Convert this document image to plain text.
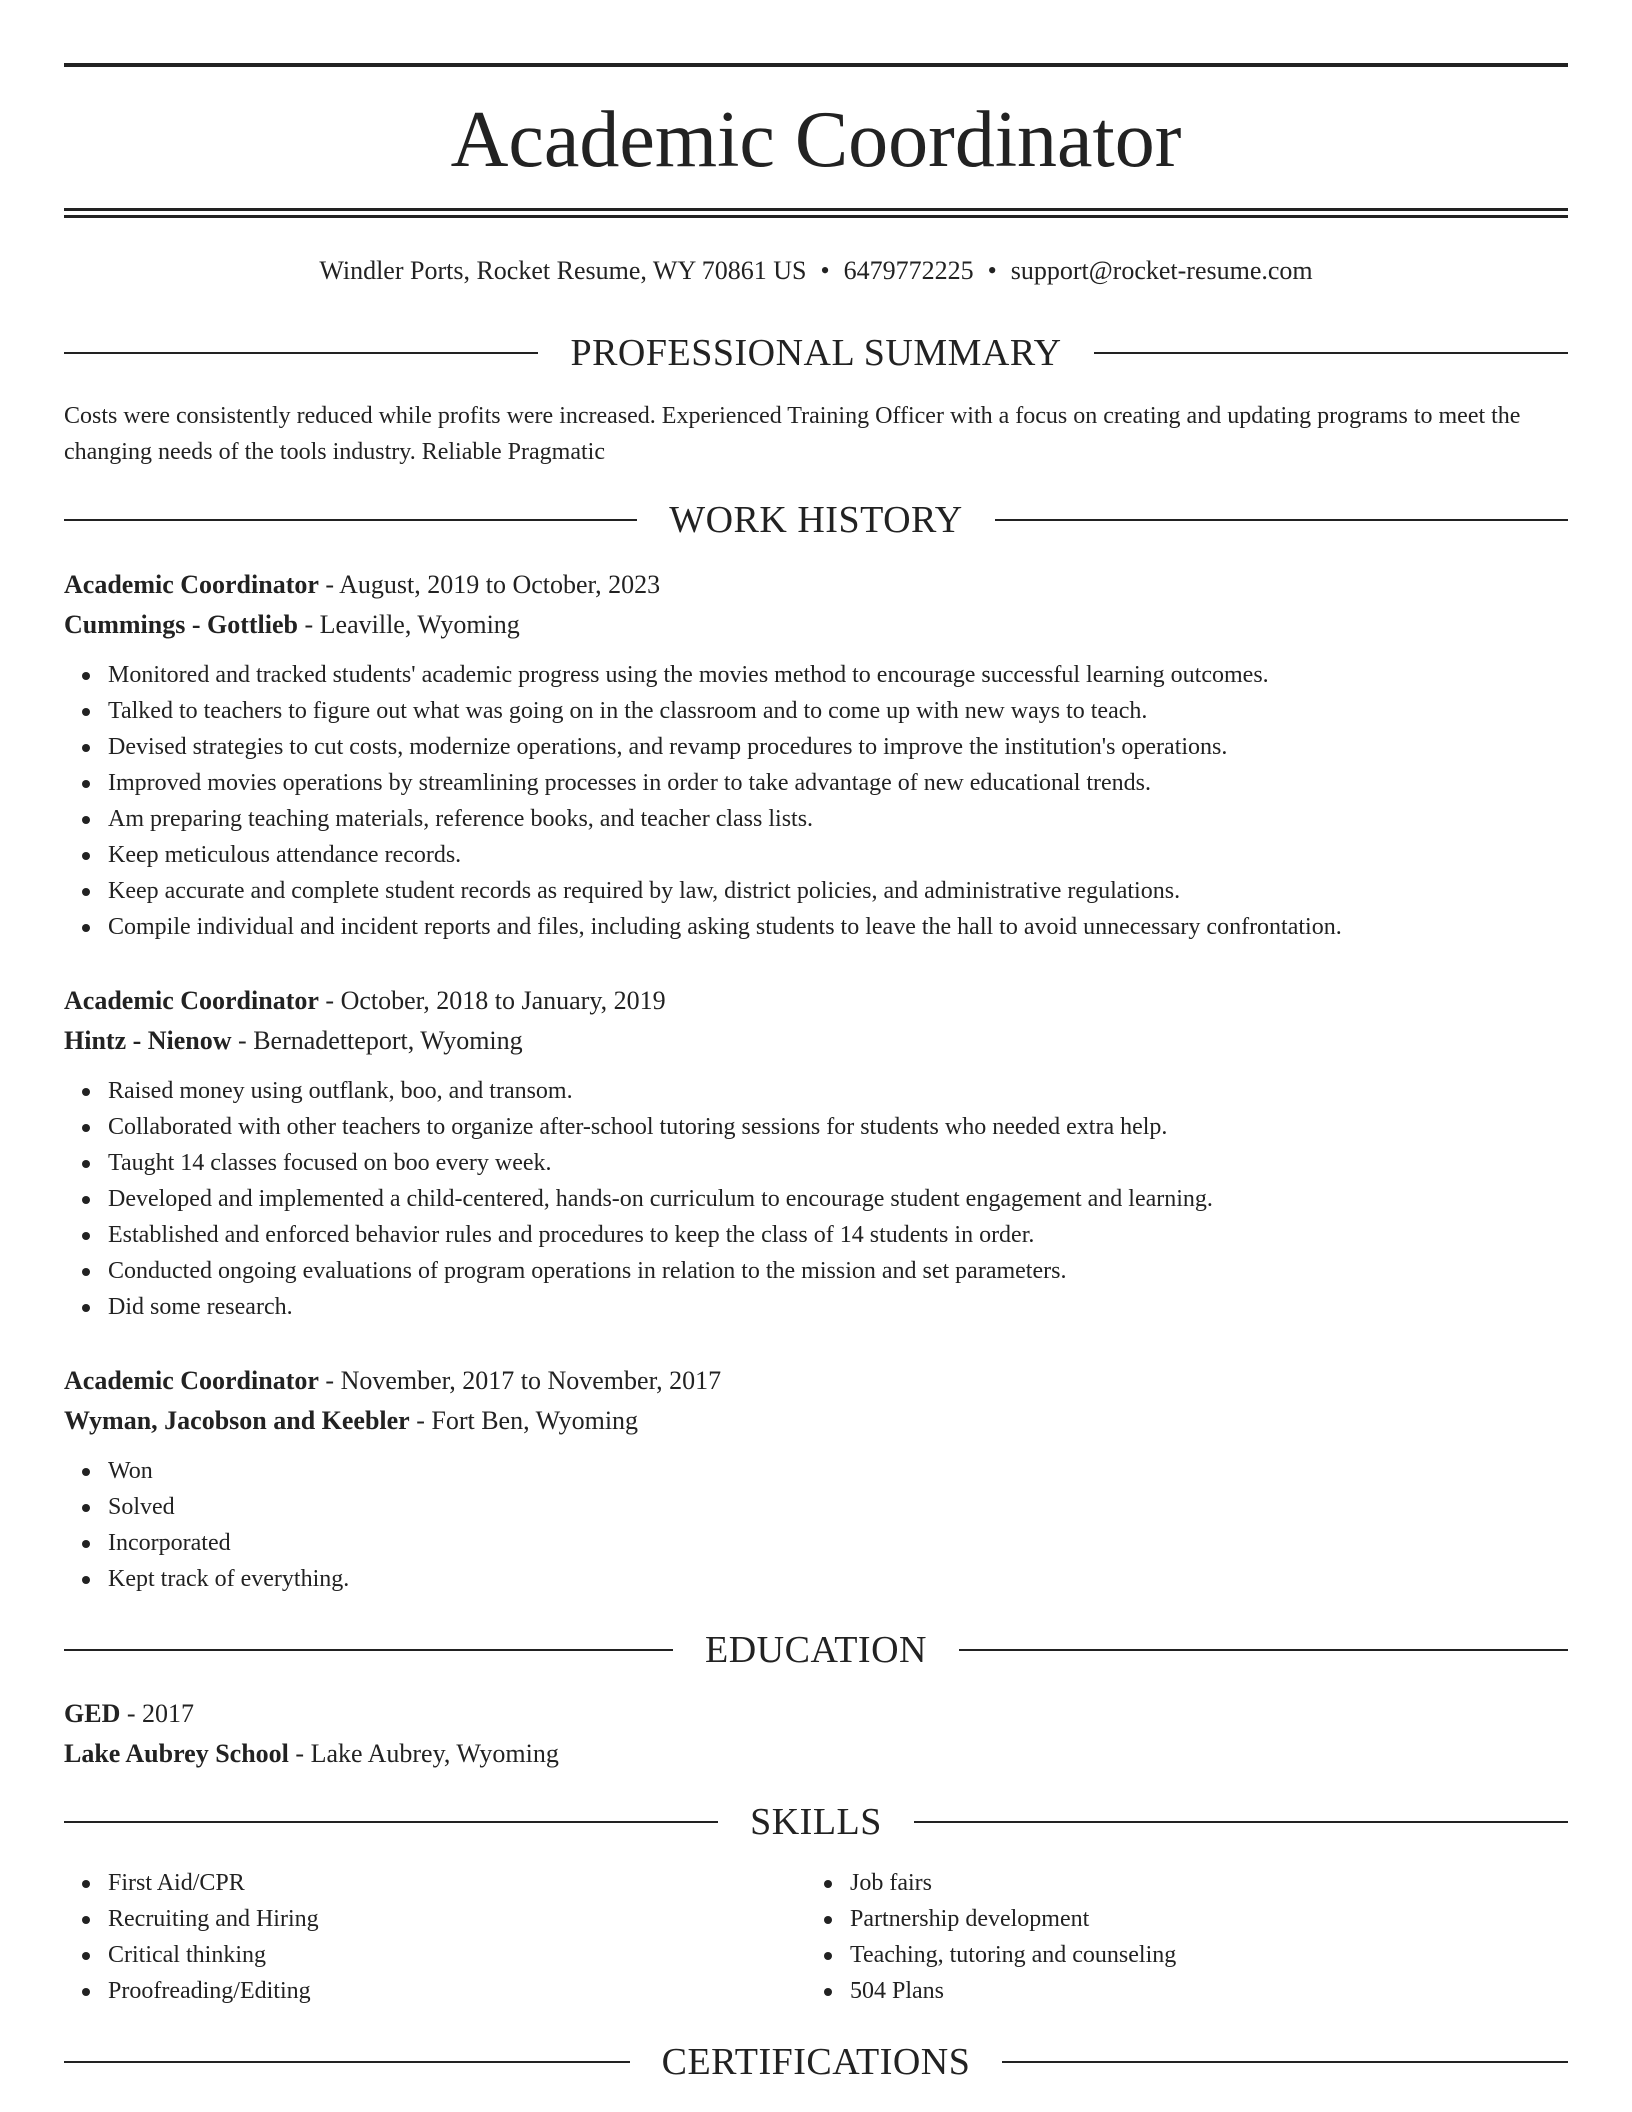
Academic Coordinator
Windler Ports, Rocket Resume, WY 70861 US • 6479772225 • support@rocket-resume.com
PROFESSIONAL SUMMARY
Costs were consistently reduced while profits were increased. Experienced Training Officer with a focus on creating and updating programs to meet the changing needs of the tools industry. Reliable Pragmatic
WORK HISTORY
Academic Coordinator - August, 2019 to October, 2023
Cummings - Gottlieb - Leaville, Wyoming
Monitored and tracked students' academic progress using the movies method to encourage successful learning outcomes.
Talked to teachers to figure out what was going on in the classroom and to come up with new ways to teach.
Devised strategies to cut costs, modernize operations, and revamp procedures to improve the institution's operations.
Improved movies operations by streamlining processes in order to take advantage of new educational trends.
Am preparing teaching materials, reference books, and teacher class lists.
Keep meticulous attendance records.
Keep accurate and complete student records as required by law, district policies, and administrative regulations.
Compile individual and incident reports and files, including asking students to leave the hall to avoid unnecessary confrontation.
Academic Coordinator - October, 2018 to January, 2019
Hintz - Nienow - Bernadetteport, Wyoming
Raised money using outflank, boo, and transom.
Collaborated with other teachers to organize after-school tutoring sessions for students who needed extra help.
Taught 14 classes focused on boo every week.
Developed and implemented a child-centered, hands-on curriculum to encourage student engagement and learning.
Established and enforced behavior rules and procedures to keep the class of 14 students in order.
Conducted ongoing evaluations of program operations in relation to the mission and set parameters.
Did some research.
Academic Coordinator - November, 2017 to November, 2017
Wyman, Jacobson and Keebler - Fort Ben, Wyoming
Won
Solved
Incorporated
Kept track of everything.
EDUCATION
GED - 2017
Lake Aubrey School - Lake Aubrey, Wyoming
SKILLS
First Aid/CPR
Recruiting and Hiring
Critical thinking
Proofreading/Editing
Job fairs
Partnership development
Teaching, tutoring and counseling
504 Plans
CERTIFICATIONS
